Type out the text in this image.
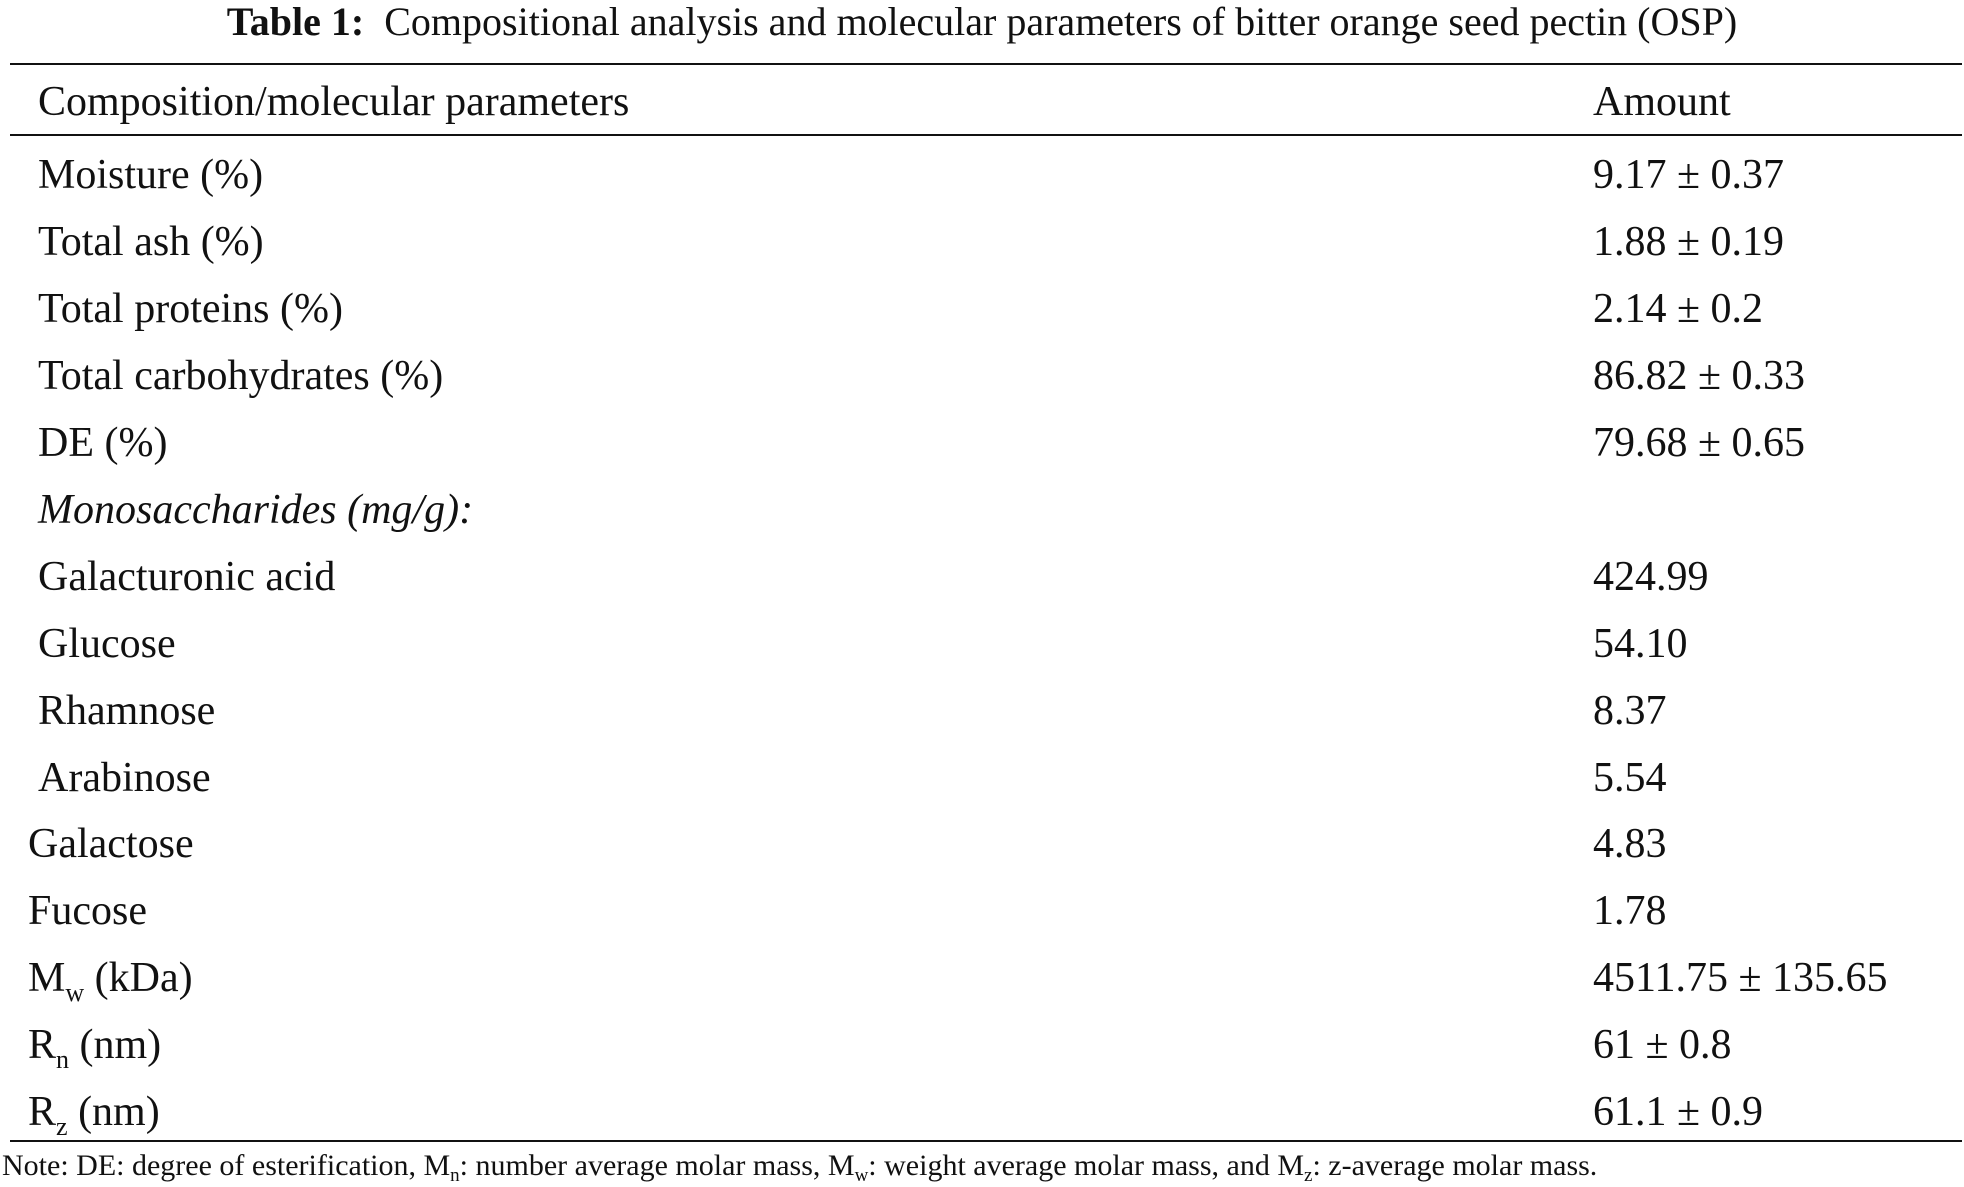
Table 1: Compositional analysis and molecular parameters of bitter orange seed pectin (OSP)
Composition/molecular parameters	Amount
Moisture (%)	9.17 ± 0.37
Total ash (%)	1.88 ± 0.19
Total proteins (%)	2.14 ± 0.2
Total carbohydrates (%)	86.82 ± 0.33
DE (%)	79.68 ± 0.65
Monosaccharides (mg/g):
Galacturonic acid	424.99
Glucose	54.10
Rhamnose	8.37
Arabinose	5.54
Galactose	4.83
Fucose	1.78
$M_w$ (kDa)	4511.75 ± 135.65
$R_n$ (nm)	61 ± 0.8
$R_z$ (nm)	61.1 ± 0.9
Note: DE: degree of esterification, $M_n$: number average molar mass, $M_w$: weight average molar mass, and $M_z$: z-average molar mass.
